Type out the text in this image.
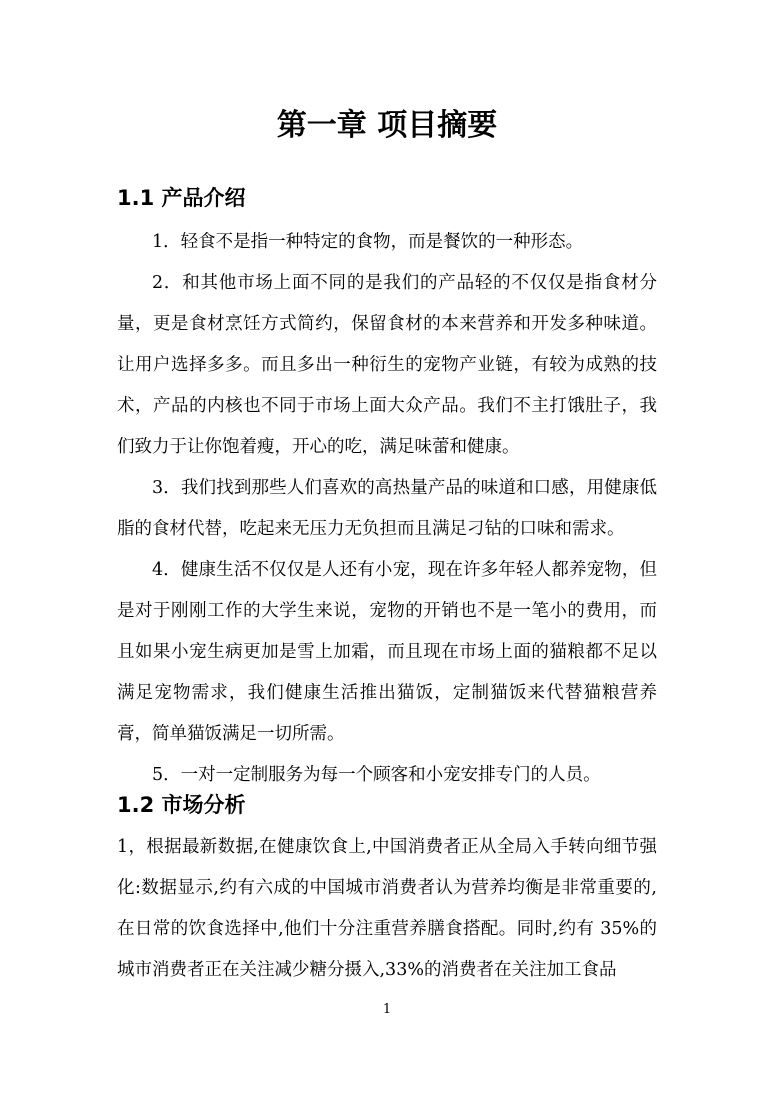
第一章 项目摘要
1.1 产品介绍

1．轻食不是指一种特定的食物，而是餐饮的一种形态。

2．和其他市场上面不同的是我们的产品轻的不仅仅是指食材分量，更是食材烹饪方式简约，保留食材的本来营养和开发多种味道。让用户选择多多。而且多出一种衍生的宠物产业链，有较为成熟的技术，产品的内核也不同于市场上面大众产品。我们不主打饿肚子，我们致力于让你饱着瘦，开心的吃，满足味蕾和健康。

3．我们找到那些人们喜欢的高热量产品的味道和口感，用健康低脂的食材代替，吃起来无压力无负担而且满足刁钻的口味和需求。

4．健康生活不仅仅是人还有小宠，现在许多年轻人都养宠物，但是对于刚刚工作的大学生来说，宠物的开销也不是一笔小的费用，而且如果小宠生病更加是雪上加霜，而且现在市场上面的猫粮都不足以满足宠物需求，我们健康生活推出猫饭，定制猫饭来代替猫粮营养膏，简单猫饭满足一切所需。

5．一对一定制服务为每一个顾客和小宠安排专门的人员。

1.2 市场分析

1，根据最新数据,在健康饮食上,中国消费者正从全局入手转向细节强化:数据显示,约有六成的中国城市消费者认为营养均衡是非常重要的,在日常的饮食选择中,他们十分注重营养膳食搭配。同时,约有 35%的城市消费者正在关注减少糖分摄入,33%的消费者在关注加工食品

1
